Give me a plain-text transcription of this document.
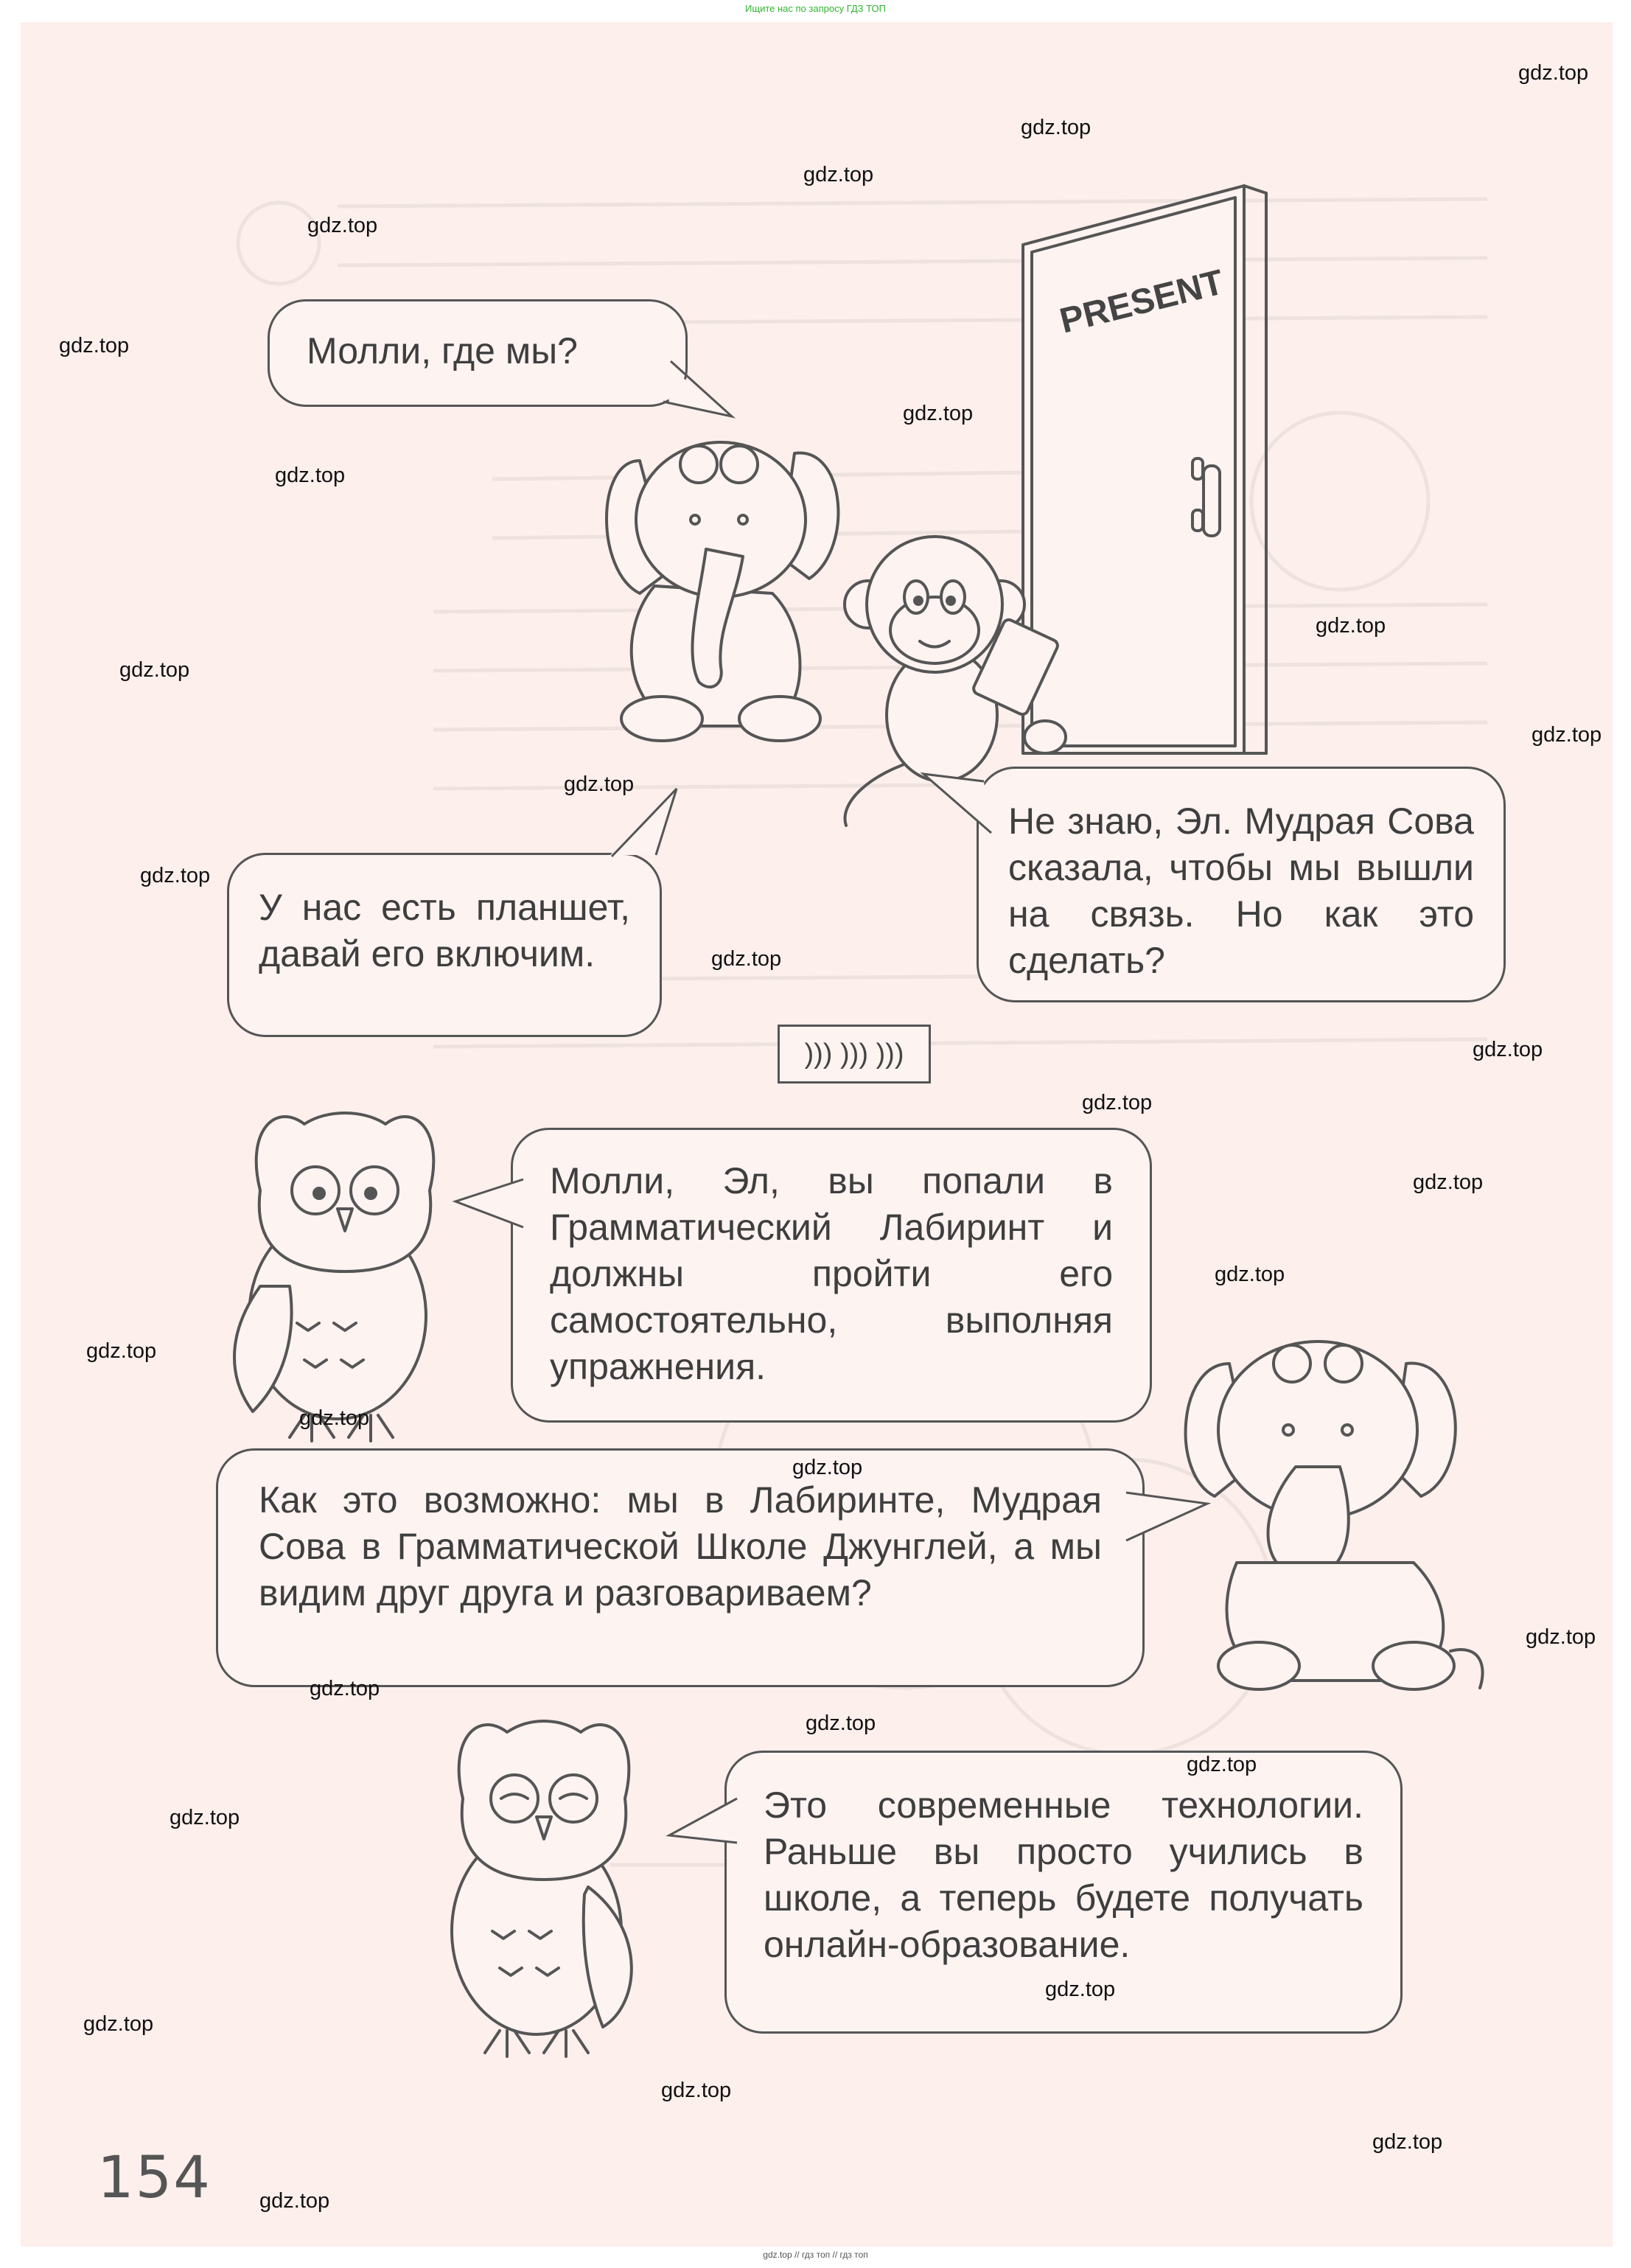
Ищите нас по запросу ГДЗ ТОП
PRESENT
Молли, где мы?
Не знаю, Эл. Мудрая Сова сказала, чтобы мы вышли на связь. Но как это сделать?
У нас есть планшет, давай его включим.
))) ))) )))
Молли, Эл, вы попали в Грамматический Лабиринт и должны пройти его самостоятельно, выполняя упражнения.
Как это возможно: мы в Лабиринте, Мудрая Сова в Грамматической Школе Джунглей, а мы видим друг друга и разговариваем?
Это современные технологии. Раньше вы просто учились в школе, а теперь будете получать онлайн-образование.
154
gdz.top
gdz.top
gdz.top
gdz.top
gdz.top
gdz.top
gdz.top
gdz.top
gdz.top
gdz.top
gdz.top
gdz.top
gdz.top
gdz.top
gdz.top
gdz.top
gdz.top
gdz.top
gdz.top
gdz.top
gdz.top
gdz.top
gdz.top
gdz.top
gdz.top
gdz.top
gdz.top
gdz.top
gdz.top
gdz.top
gdz.top // гдз топ // гдз топ
